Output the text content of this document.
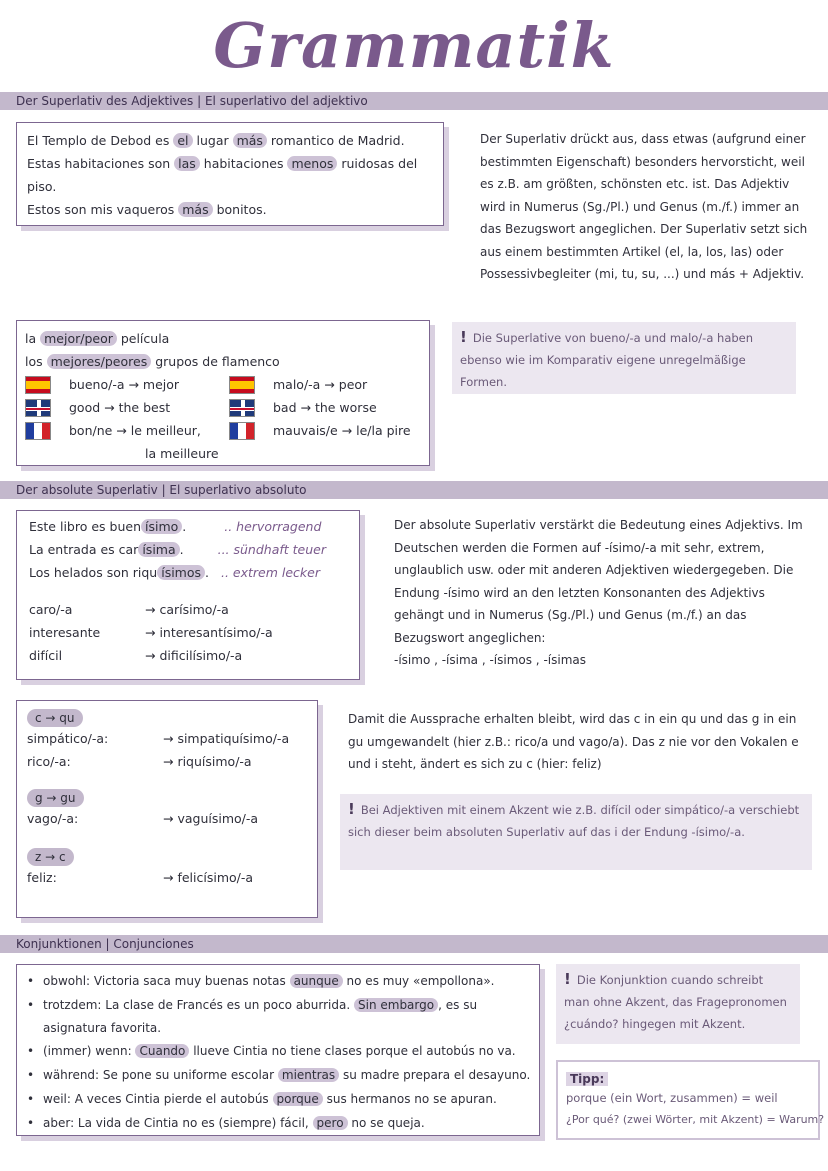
Grammatik
Der Superlativ des Adjektives | El superlativo del adjektivo
El Templo de Debod es el lugar más romantico de Madrid.
Estas habitaciones son las habitaciones menos ruidosas del
piso.
Estos son mis vaqueros más bonitos.
Der Superlativ drückt aus, dass etwas (aufgrund einer bestimmten Eigenschaft) besonders hervorsticht, weil es z.B. am größten, schönsten etc. ist. Das Adjektiv wird in Numerus (Sg./Pl.) und Genus (m./f.) immer an das Bezugswort angeglichen. Der Superlativ setzt sich aus einem bestimmten Artikel (el, la, los, las) oder Possessivbegleiter (mi, tu, su, ...) und más + Adjektiv.
la mejor/peor película
los mejores/peores grupos de flamenco
bueno/-a → mejor	malo/-a → peor
good → the best	bad → the worse
bon/ne → le meilleur,	mauvais/e → le/la pire
la meilleure
! Die Superlative von bueno/-a und malo/-a haben ebenso wie im Komparativ eigene unregelmäßige Formen.
Der absolute Superlativ | El superlativo absoluto
Este libro es buen ísimo .	.. hervorragend
La entrada es car ísima .	... sündhaft teuer
Los helados son riqu ísimos . .. extrem lecker
caro/-a	→ carísimo/-a
interesante	→ interesantísimo/-a
difícil	→ dificilísimo/-a
Der absolute Superlativ verstärkt die Bedeutung eines Adjektivs. Im Deutschen werden die Formen auf -ísimo/-a mit sehr, extrem, unglaublich usw. oder mit anderen Adjektiven wiedergegeben. Die Endung -ísimo wird an den letzten Konsonanten des Adjektivs gehängt und in Numerus (Sg./Pl.) und Genus (m./f.) an das Bezugswort angeglichen:
-ísimo , -ísima , -ísimos , -ísimas
c → qu
simpático/-a:	→ simpatiquísimo/-a
rico/-a:	→ riquísimo/-a
g → gu
vago/-a:	→ vaguísimo/-a
z → c
feliz:	→ felicísimo/-a
Damit die Aussprache erhalten bleibt, wird das c in ein qu und das g in ein gu umgewandelt (hier z.B.: rico/a und vago/a). Das z nie vor den Vokalen e und i steht, ändert es sich zu c (hier: feliz)
! Bei Adjektiven mit einem Akzent wie z.B. difícil oder simpático/-a verschiebt sich dieser beim absoluten Superlativ auf das i der Endung -ísimo/-a.
Konjunktionen | Conjunciones
• obwohl: Victoria saca muy buenas notas aunque no es muy «empollona».
• trotzdem: La clase de Francés es un poco aburrida. Sin embargo , es su
asignatura favorita.
• (immer) wenn: Cuando llueve Cintia no tiene clases porque el autobús no va.
• während: Se pone su uniforme escolar mientras su madre prepara el desayuno.
• weil: A veces Cintia pierde el autobús porque sus hermanos no se apuran.
• aber: La vida de Cintia no es (siempre) fácil, pero no se queja.
! Die Konjunktion cuando schreibt man ohne Akzent, das Fragepronomen ¿cuándo? hingegen mit Akzent.
Tipp:
porque (ein Wort, zusammen) = weil
¿Por qué? (zwei Wörter, mit Akzent) = Warum?
